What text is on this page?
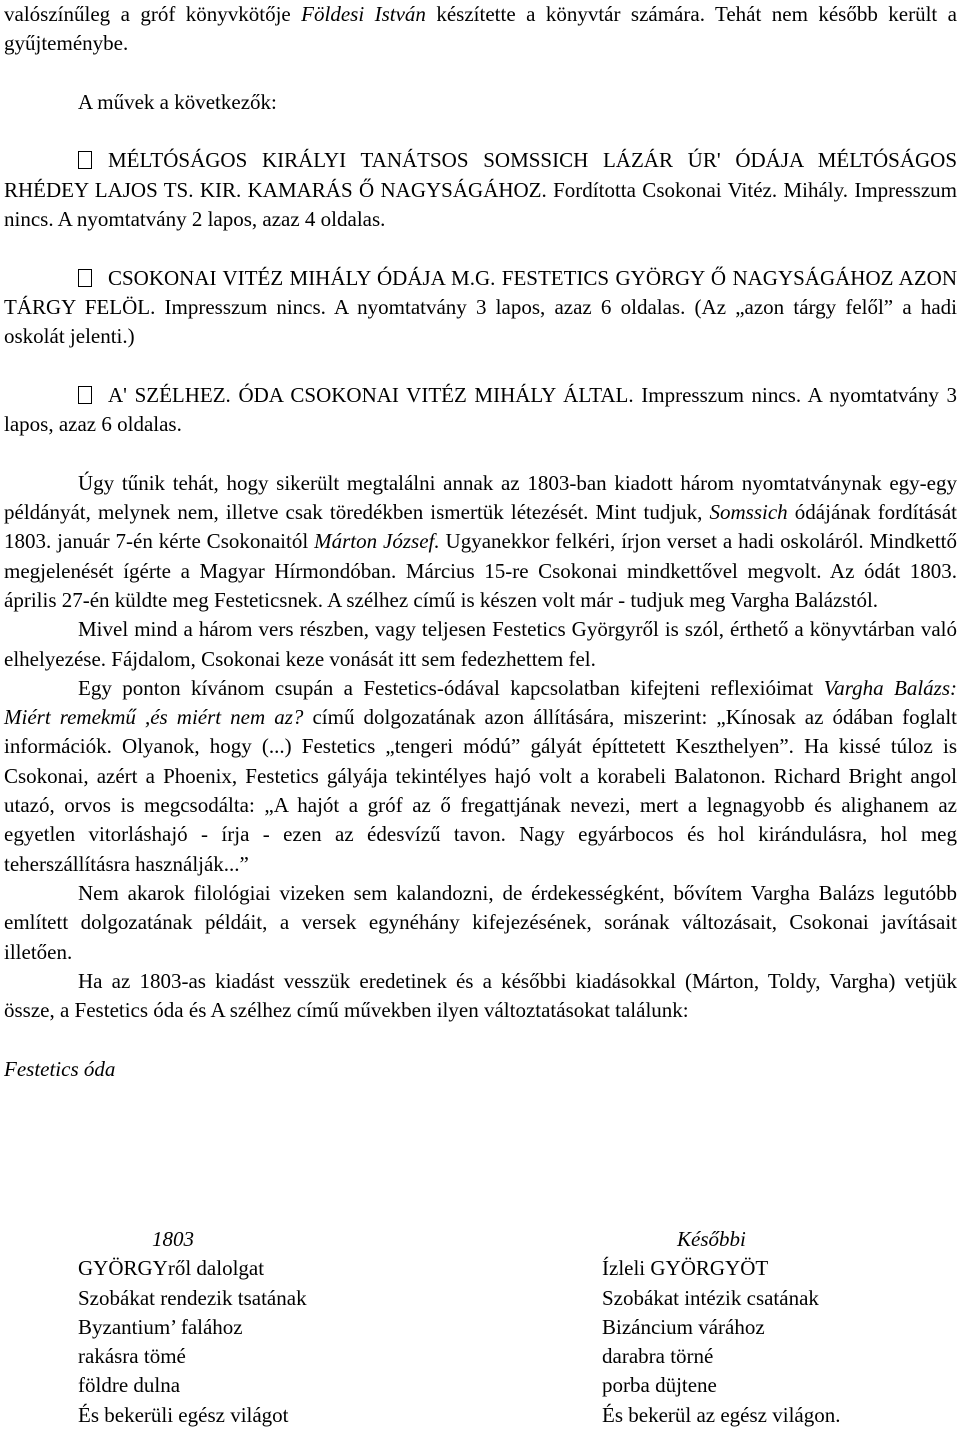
valószínűleg a gróf könyvkötője Földesi István készítette a könyvtár számára. Tehát nem később került a gyűjteménybe.

A művek a következők:

MÉLTÓSÁGOS KIRÁLYI TANÁTSOS SOMSSICH LÁZÁR ÚR' ÓDÁJA MÉLTÓSÁGOS RHÉDEY LAJOS TS. KIR. KAMARÁS Ő NAGYSÁGÁHOZ. Fordította Csokonai Vitéz. Mihály. Impresszum nincs. A nyomtatvány 2 lapos, azaz 4 oldalas.

CSOKONAI VITÉZ MIHÁLY ÓDÁJA M.G. FESTETICS GYÖRGY Ő NAGYSÁGÁHOZ AZON TÁRGY FELÖL. Impresszum nincs. A nyomtatvány 3 lapos, azaz 6 oldalas. (Az „azon tárgy felől” a hadi oskolát jelenti.)

A' SZÉLHEZ. ÓDA CSOKONAI VITÉZ MIHÁLY ÁLTAL. Impresszum nincs. A nyomtatvány 3 lapos, azaz 6 oldalas.

Úgy tűnik tehát, hogy sikerült megtalálni annak az 1803-ban kiadott három nyomtatványnak egy-egy példányát, melynek nem, illetve csak töredékben ismertük létezését. Mint tudjuk, Somssich ódájának fordítását 1803. január 7-én kérte Csokonaitól Márton József. Ugyanekkor felkéri, írjon verset a hadi oskoláról. Mindkettő megjelenését ígérte a Magyar Hírmondóban. Március 15-re Csokonai mindkettővel megvolt. Az ódát 1803. április 27-én küldte meg Festeticsnek. A szélhez című is készen volt már - tudjuk meg Vargha Balázstól.

Mivel mind a három vers részben, vagy teljesen Festetics Györgyről is szól, érthető a könyvtárban való elhelyezése. Fájdalom, Csokonai keze vonását itt sem fedezhettem fel.

Egy ponton kívánom csupán a Festetics-ódával kapcsolatban kifejteni reflexióimat Vargha Balázs: Miért remekmű ,és miért nem az? című dolgozatának azon állítására, miszerint: „Kínosak az ódában foglalt információk. Olyanok, hogy (...) Festetics „tengeri módú” gályát építtetett Keszthelyen”. Ha kissé túloz is Csokonai, azért a Phoenix, Festetics gályája tekintélyes hajó volt a korabeli Balatonon. Richard Bright angol utazó, orvos is megcsodálta: „A hajót a gróf az ő fregattjának nevezi, mert a legnagyobb és alighanem az egyetlen vitorláshajó - írja - ezen az édesvízű tavon. Nagy egyárbocos és hol kirándulásra, hol meg teherszállításra használják...”

Nem akarok filológiai vizeken sem kalandozni, de érdekességként, bővítem Vargha Balázs legutóbb említett dolgozatának példáit, a versek egynéhány kifejezésének, sorának változásait, Csokonai javításait illetően.

Ha az 1803-as kiadást vesszük eredetinek és a későbbi kiadásokkal (Márton, Toldy, Vargha) vetjük össze, a Festetics óda és A szélhez című művekben ilyen változtatásokat találunk:

Festetics óda

1803
GYÖRGYről dalolgat
Szobákat rendezik tsatának
Byzantium’ falához
rakásra tömé
földre dulna
És bekerüli egész világot
Későbbi
Ízleli GYÖRGYÖT
Szobákat intézik csatának
Bizáncium várához
darabra törné
porba düjtene
És bekerül az egész világon.
